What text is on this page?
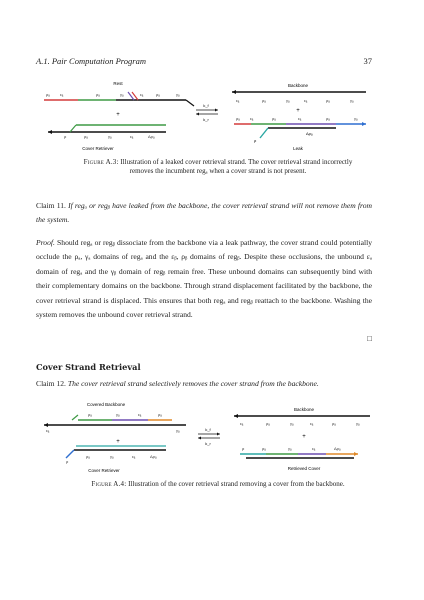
A.1. Pair Computation Program	37
Rest
ρₐ	εₐ	ρₐ	γₐ	εₐ	ρₐ	γₐ
+
ρ	ρₐ	γₐ	εₐ	Δρₐ
Cover Retriever
k_f
k_r
Backbone
εₐ	ρₐ	γₐ	εₐ	ρₐ	γₐ
+
ρₐ	εₐ	ρₐ	εₐ	ρₐ	γₐ
Δρₐ
ρ
Leak
Figure A.3: Illustration of a leaked cover retrieval strand. The cover retrieval strand incorrectly removes the incumbent regₐ when a cover strand is not present.
Claim 11. If regₐ or regᵦ have leaked from the backbone, the cover retrieval strand will not remove them from the system.
Proof. Should regₐ or regᵦ dissociate from the backbone via a leak pathway, the cover strand could potentially occlude the ρₐ, γₐ domains of regₐ and the εᵦ, ρᵦ domains of regᵦ. Despite these occlusions, the unbound εₐ domain of regₐ and the γᵦ domain of regᵦ remain free. These unbound domains can subsequently bind with their complementary domains on the backbone. Through strand displacement facilitated by the backbone, the cover retrieval strand is displaced. This ensures that both regₐ and regᵦ reattach to the backbone. Washing the system removes the unbound cover retrieval strand.
□
Cover Strand Retrieval
Claim 12. The cover retrieval strand selectively removes the cover strand from the backbone.
Covered Backbone
ρₐ	γₐ	εₐ	ρₐ
εₐ	γₐ
+
ρ
ρₐ	γₐ	εₐ	Δρₐ
Cover Retriever
k_f
k_r
Backbone
εₐ	ρₐ	γₐ	εₐ	ρₐ	γₐ
+
ρ	ρₐ	γₐ	εₐ	Δρₐ
Retrieved Cover
Figure A.4: Illustration of the cover retrieval strand removing a cover from the backbone.
